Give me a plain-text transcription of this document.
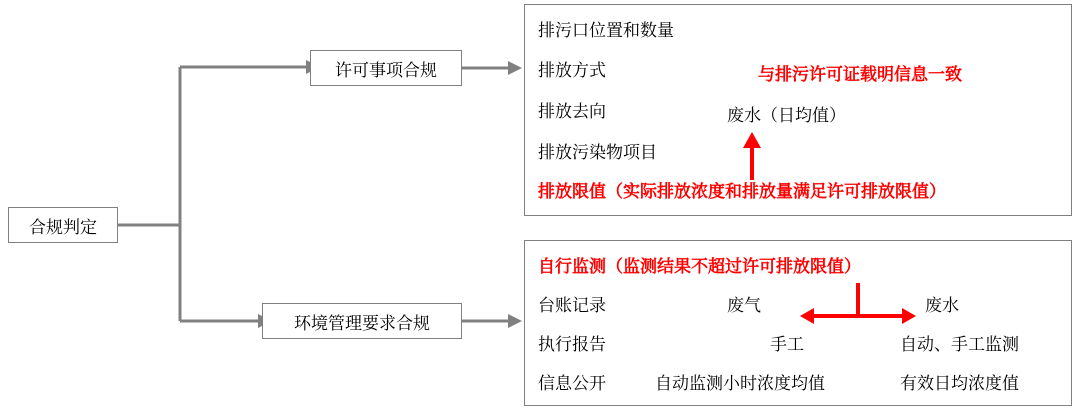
合规判定
许可事项合规
环境管理要求合规
排污口位置和数量
排放方式
排放去向
排放污染物项目
排放限值（实际排放浓度和排放量满足许可排放限值）
与排污许可证载明信息一致
废水（日均值）
自行监测（监测结果不超过许可排放限值）
台账记录	废气	废水
执行报告	手工	自动、手工监测
信息公开	自动监测小时浓度均值	有效日均浓度值
